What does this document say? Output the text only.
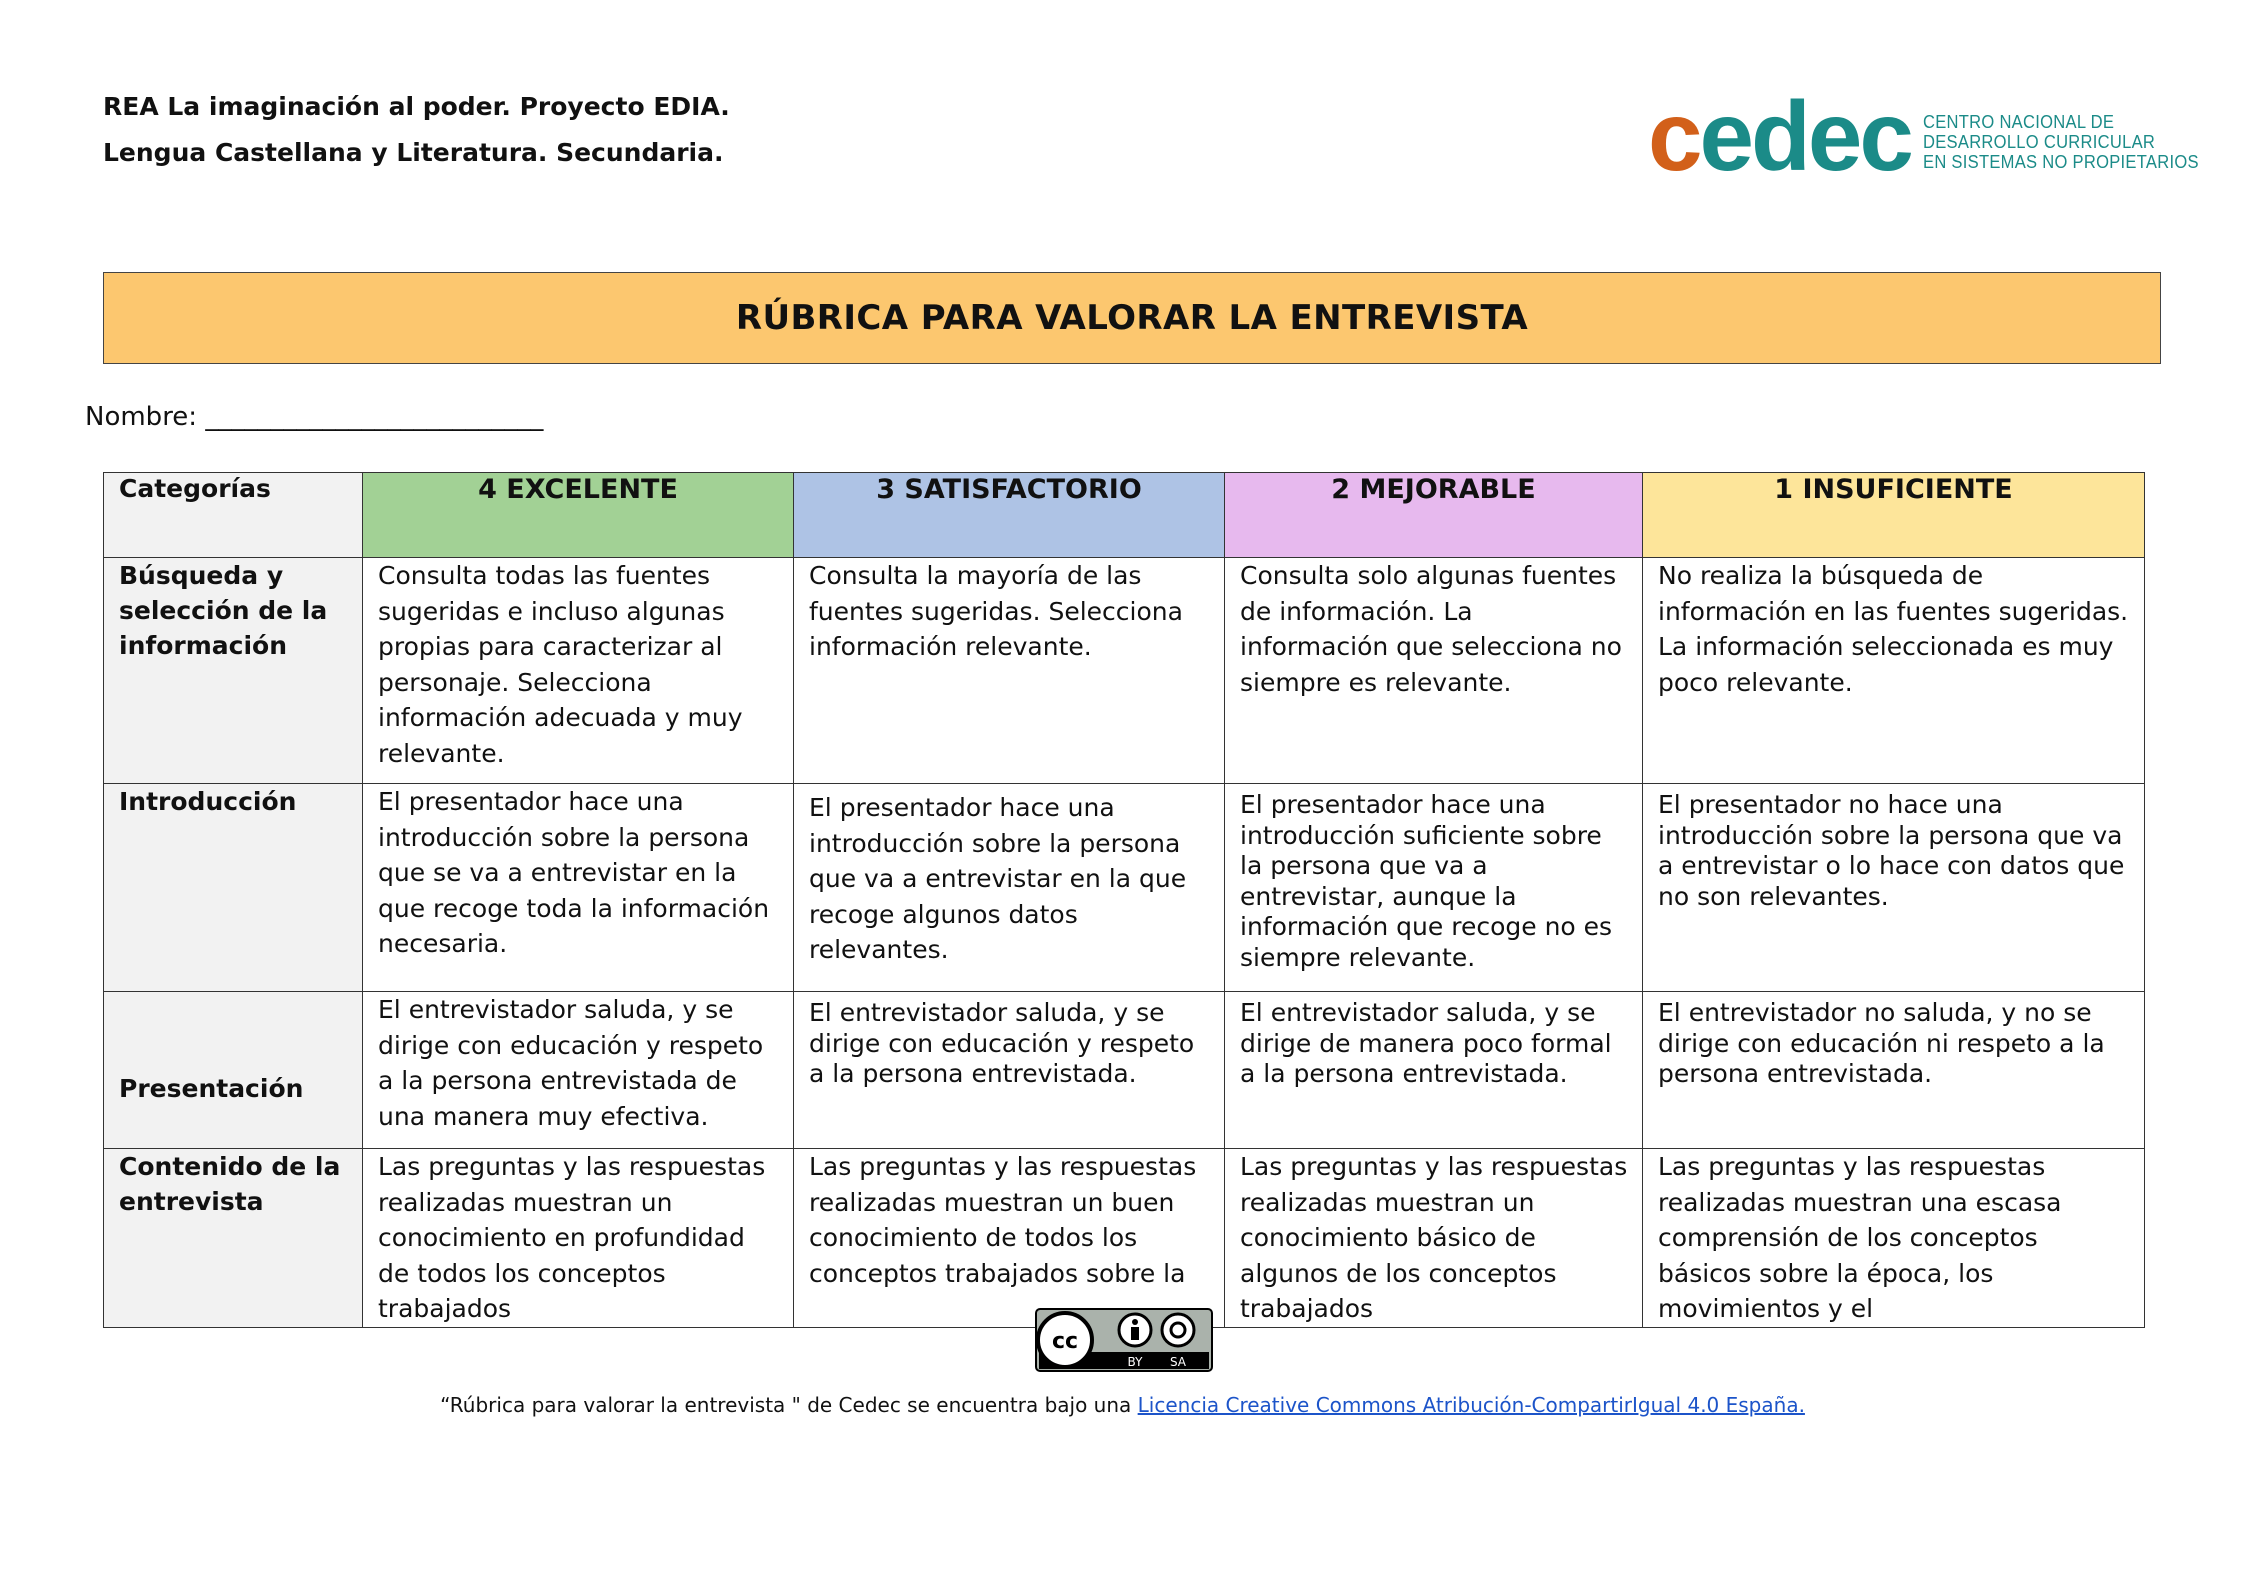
REA La imaginación al poder. Proyecto EDIA.
Lengua Castellana y Literatura. Secundaria.	cedec CENTRO NACIONAL DE
DESARROLLO CURRICULAR
EN SISTEMAS NO PROPIETARIOS
RÚBRICA PARA VALORAR LA ENTREVISTA
Nombre: __________________________
Categorías	4 EXCELENTE	3 SATISFACTORIO	2 MEJORABLE	1 INSUFICIENTE
Búsqueda y selección de la información	Consulta todas las fuentes sugeridas e incluso algunas propias para caracterizar al personaje. Selecciona información adecuada y muy relevante.	Consulta la mayoría de las fuentes sugeridas. Selecciona información relevante.	Consulta solo algunas fuentes de información. La información que selecciona no siempre es relevante.	No realiza la búsqueda de información en las fuentes sugeridas. La información seleccionada es muy poco relevante.
Introducción	El presentador hace una introducción sobre la persona que se va a entrevistar en la que recoge toda la información necesaria.	El presentador hace una introducción sobre la persona que va a entrevistar en la que recoge algunos datos relevantes.	El presentador hace una introducción suficiente sobre la persona que va a entrevistar, aunque la información que recoge no es siempre relevante.	El presentador no hace una introducción sobre la persona que va a entrevistar o lo hace con datos que no son relevantes.
Presentación	El entrevistador saluda, y se dirige con educación y respeto a la persona entrevistada de una manera muy efectiva.	El entrevistador saluda, y se dirige con educación y respeto a la persona entrevistada.	El entrevistador saluda, y se dirige de manera poco formal a la persona entrevistada.	El entrevistador no saluda, y no se dirige con educación ni respeto a la persona entrevistada.
Contenido de la entrevista	Las preguntas y las respuestas realizadas muestran un conocimiento en profundidad de todos los conceptos trabajados	Las preguntas y las respuestas realizadas muestran un buen conocimiento de todos los conceptos trabajados sobre la	Las preguntas y las respuestas realizadas muestran un conocimiento básico de algunos de los conceptos trabajados	Las preguntas y las respuestas realizadas muestran una escasa comprensión de los conceptos básicos sobre la época, los movimientos y el
cc
BY SA
“Rúbrica para valorar la entrevista " de Cedec se encuentra bajo una Licencia Creative Commons Atribución-CompartirIgual 4.0 España.
